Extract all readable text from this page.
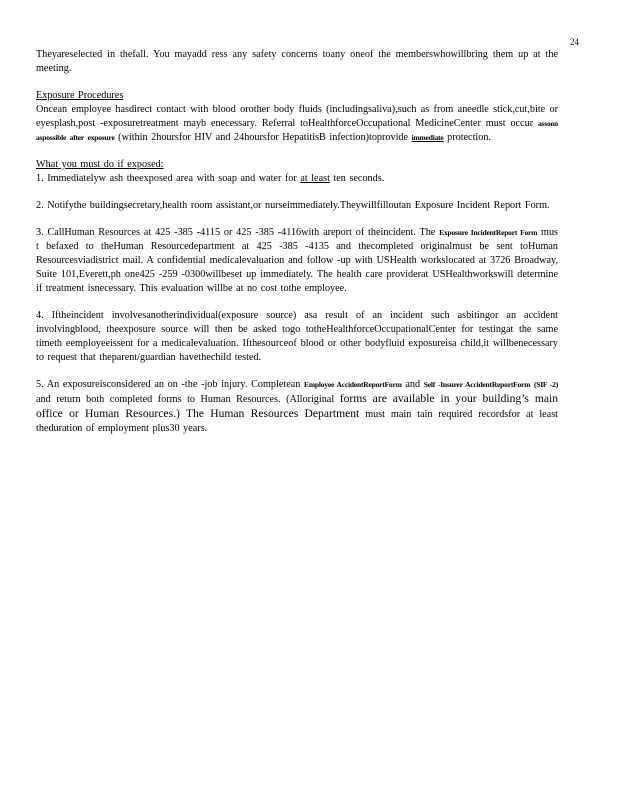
24

Theyareselected in thefall. You mayadd ress any safety concerns toany oneof the memberswhowillbring them up at the meeting.

Exposure Procedures

Oncean employee hasdirect contact with blood orother body fluids (includingsaliva),such as from aneedle stick,cut,bite or eyesplash,post -exposuretreatment mayb enecessary. Referral toHealthforceOccupational MedicineCenter must occur assoon aspossible after exposure (within 2hoursfor HIV and 24hoursfor HepatitisB infection)toprovide immediate protection.

What you must do if exposed:

1. Immediatelyw ash theexposed area with soap and water for at least ten seconds.

2. Notifythe buildingsecretary,health room assistant,or nurseimmediately.Theywillfilloutan Exposure Incident Report Form.

3. CallHuman Resources at 425 -385 -4115 or 425 -385 -4116with areport of theincident. The Exposure IncidentReport Form mus t befaxed to theHuman Resourcedepartment at 425 -385 -4135 and thecompleted originalmust be sent toHuman Resourcesviadistrict mail. A confidential medicalevaluation and follow -up with USHealth workslocated at 3726 Broadway, Suite 101,Everett,ph one425 -259 -0300willbeset up immediately. The health care providerat USHealthworkswill determine if treatment isnecessary. This evaluation willbe at no cost tothe employee.

4. Iftheincident involvesanotherindividual(exposure source) asa result of an incident such asbitingor an accident involvingblood, theexposure source will then be asked togo totheHealthforceOccupationalCenter for testingat the same timeth eemployeeissent for a medicalevaluation. Ifthesourceof blood or other bodyfluid exposureisa child,it willbenecessary to request that theparent/guardian havethechild tested.

5. An exposureisconsidered an on -the -job injury. Completean Employee AccidentReportForm and Self -Insurer AccidentReportForm (SIF -2) and return both completed forms to Human Resources. (Alloriginal forms are available in your building’s main office or Human Resources.) The Human Resources Department must main tain required recordsfor at least theduration of employment plus30 years.
